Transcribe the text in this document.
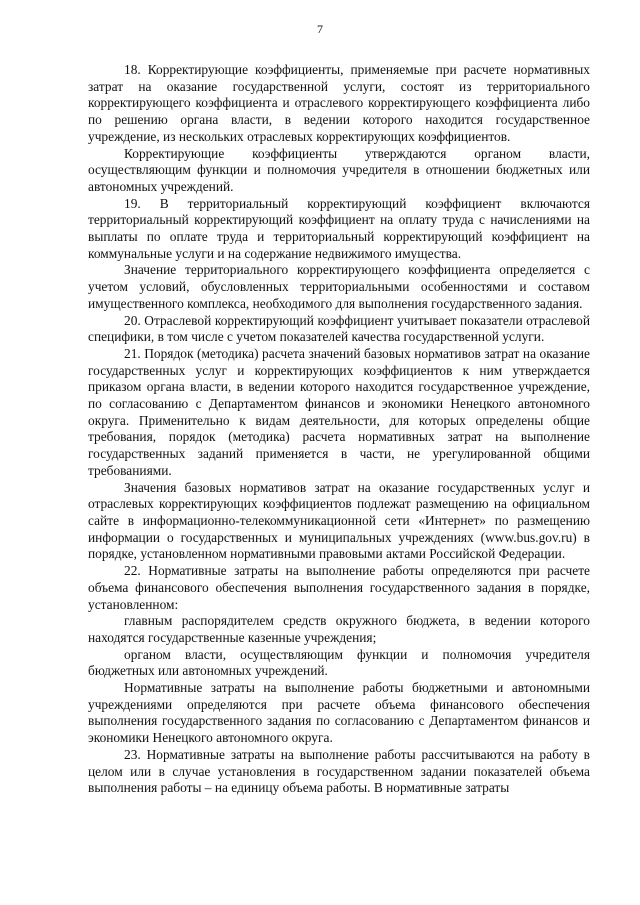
7

18. Корректирующие коэффициенты, применяемые при расчете нормативных затрат на оказание государственной услуги, состоят из территориального корректирующего коэффициента и отраслевого корректирующего коэффициента либо по решению органа власти, в ведении которого находится государственное учреждение, из нескольких отраслевых корректирующих коэффициентов.

Корректирующие коэффициенты утверждаются органом власти, осуществляющим функции и полномочия учредителя в отношении бюджетных или автономных учреждений.

19. В территориальный корректирующий коэффициент включаются территориальный корректирующий коэффициент на оплату труда с начислениями на выплаты по оплате труда и территориальный корректирующий коэффициент на коммунальные услуги и на содержание недвижимого имущества.

Значение территориального корректирующего коэффициента определяется с учетом условий, обусловленных территориальными особенностями и составом имущественного комплекса, необходимого для выполнения государственного задания.

20. Отраслевой корректирующий коэффициент учитывает показатели отраслевой специфики, в том числе с учетом показателей качества государственной услуги.

21. Порядок (методика) расчета значений базовых нормативов затрат на оказание государственных услуг и корректирующих коэффициентов к ним утверждается приказом органа власти, в ведении которого находится государственное учреждение, по согласованию с Департаментом финансов и экономики Ненецкого автономного округа. Применительно к видам деятельности, для которых определены общие требования, порядок (методика) расчета нормативных затрат на выполнение государственных заданий применяется в части, не урегулированной общими требованиями.

Значения базовых нормативов затрат на оказание государственных услуг и отраслевых корректирующих коэффициентов подлежат размещению на официальном сайте в информационно-телекоммуникационной сети «Интернет» по размещению информации о государственных и муниципальных учреждениях (www.bus.gov.ru) в порядке, установленном нормативными правовыми актами Российской Федерации.

22. Нормативные затраты на выполнение работы определяются при расчете объема финансового обеспечения выполнения государственного задания в порядке, установленном:

главным распорядителем средств окружного бюджета, в ведении которого находятся государственные казенные учреждения;

органом власти, осуществляющим функции и полномочия учредителя бюджетных или автономных учреждений.

Нормативные затраты на выполнение работы бюджетными и автономными учреждениями определяются при расчете объема финансового обеспечения выполнения государственного задания по согласованию с Департаментом финансов и экономики Ненецкого автономного округа.

23. Нормативные затраты на выполнение работы рассчитываются на работу в целом или в случае установления в государственном задании показателей объема выполнения работы – на единицу объема работы. В нормативные затраты
